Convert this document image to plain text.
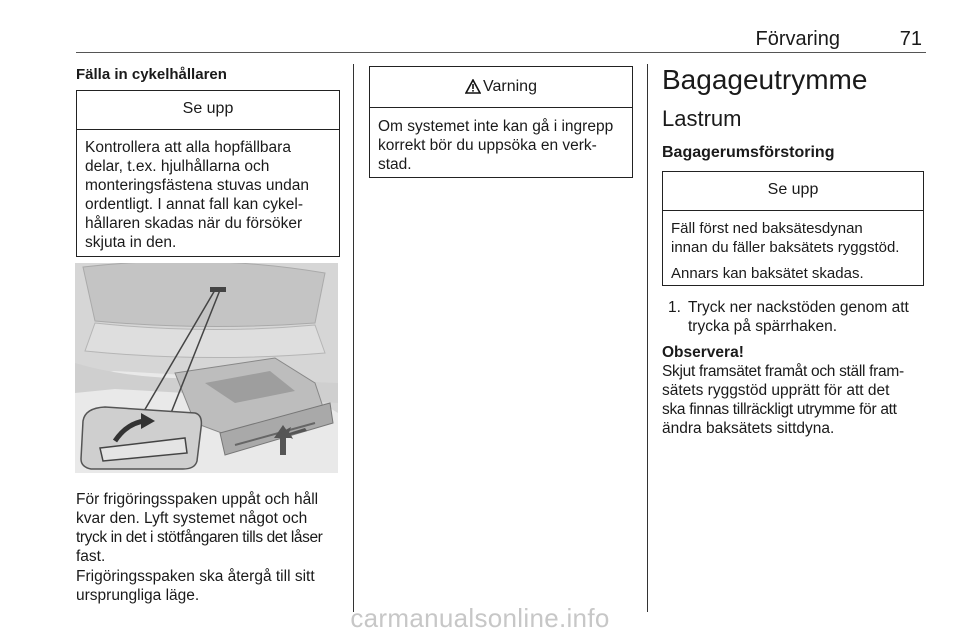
Förvaring	71
Fälla in cykelhållaren
Se upp
Kontrollera att alla hopfällbara
delar, t.ex. hjulhållarna och
monteringsfästena stuvas undan
ordentligt. I annat fall kan cykel-
hållaren skadas när du försöker
skjuta in den.
För frigöringsspaken uppåt och håll
kvar den. Lyft systemet något och
tryck in det i stötfångaren tills det låser
fast.
Frigöringsspaken ska återgå till sitt
ursprungliga läge.
Varning
Om systemet inte kan gå i ingrepp
korrekt bör du uppsöka en verk-
stad.
Bagageutrymme
Lastrum
Bagagerumsförstoring
Se upp
Fäll först ned baksätesdynan
innan du fäller baksätets ryggstöd.
Annars kan baksätet skadas.
1. Tryck ner nackstöden genom att
trycka på spärrhaken.
Observera!
Skjut framsätet framåt och ställ fram-
sätets ryggstöd upprätt för att det
ska finnas tillräckligt utrymme för att
ändra baksätets sittdyna.
carmanualsonline.info
